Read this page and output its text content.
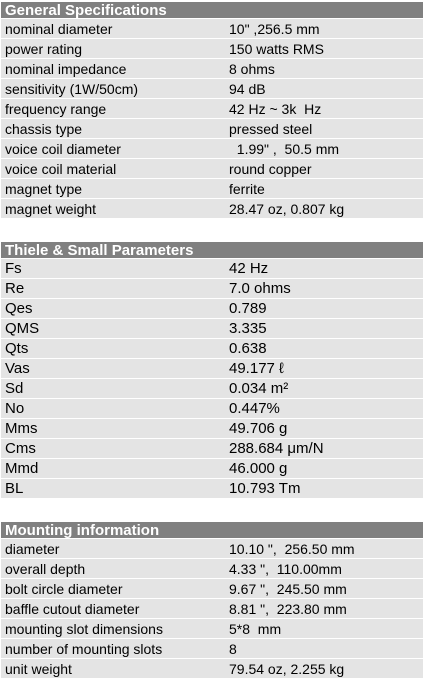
General Specifications
nominal diameter	10" ,256.5 mm
power rating	150 watts RMS
nominal impedance	8 ohms
sensitivity (1W/50cm)	94 dB
frequency range	42 Hz ~ 3k  Hz
chassis type	pressed steel
voice coil diameter	1.99" ,  50.5 mm
voice coil material	round copper
magnet type	ferrite
magnet weight	28.47 oz, 0.807 kg
Thiele & Small Parameters
Fs	42 Hz
Re	7.0 ohms
Qes	0.789
QMS	3.335
Qts	0.638
Vas	49.177 ℓ
Sd	0.034 m²
No	0.447%
Mms	49.706 g
Cms	288.684 μm/N
Mmd	46.000 g
BL	10.793 Tm
Mounting information
diameter	10.10 ",  256.50 mm
overall depth	4.33 ",  110.00mm
bolt circle diameter	9.67 ",  245.50 mm
baffle cutout diameter	8.81 ",  223.80 mm
mounting slot dimensions	5*8  mm
number of mounting slots	8
unit weight	79.54 oz, 2.255 kg
